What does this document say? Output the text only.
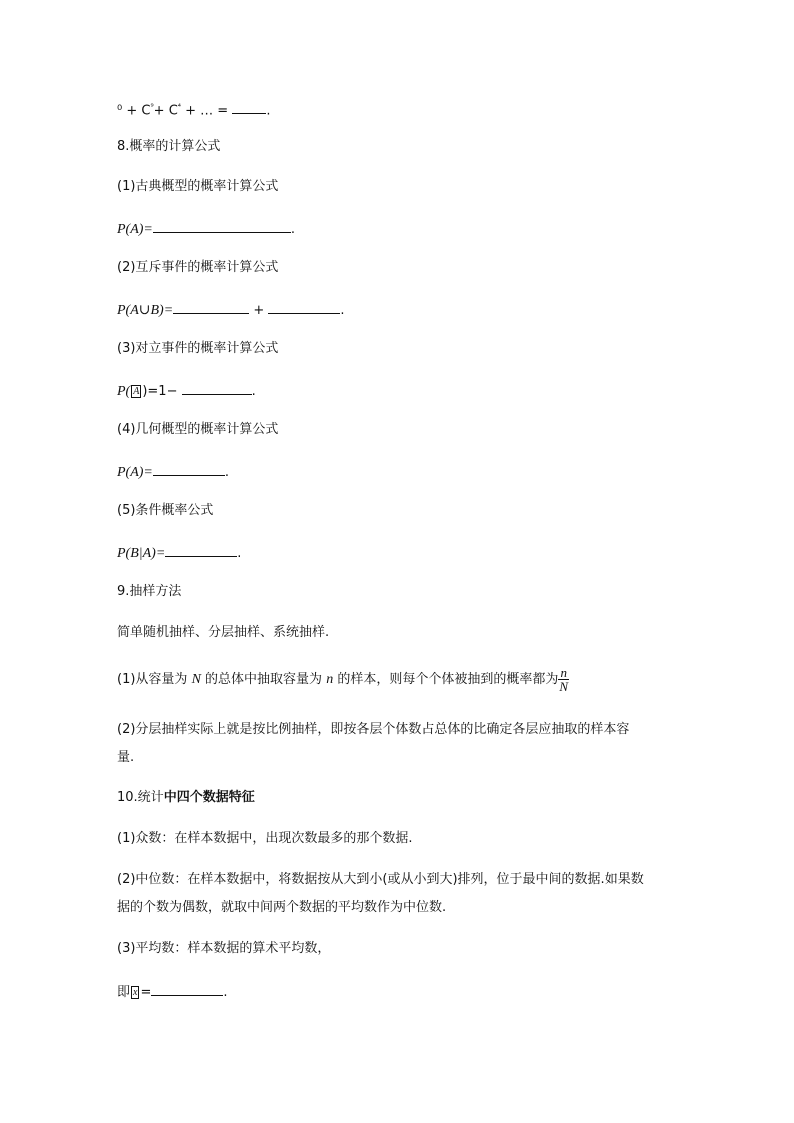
$^0 + C^{^9}+ C^{^4}$ + … =	.
8.概率的计算公式
(1)古典概型的概率计算公式
P(A)=	.
(2)互斥事件的概率计算公式
P(A∪B)=	+	.
(3)对立事件的概率计算公式
P( A )=1−	.
(4)几何概型的概率计算公式
P(A)=	.
(5)条件概率公式
P(B|A)=	.
9.抽样方法
简单随机抽样、分层抽样、系统抽样.
(1)从容量为 N 的总体中抽取容量为 n 的样本，则每个个体被抽到的概率都为 $\frac{n}{N}$
(2)分层抽样实际上就是按比例抽样，即按各层个体数占总体的比确定各层应抽取的样本容
量.
10.统计中四个数据特征
(1)众数：在样本数据中，出现次数最多的那个数据.
(2)中位数：在样本数据中，将数据按从大到小(或从小到大)排列，位于最中间的数据.如果数
据的个数为偶数，就取中间两个数据的平均数作为中位数.
(3)平均数：样本数据的算术平均数，
即 x =	.
